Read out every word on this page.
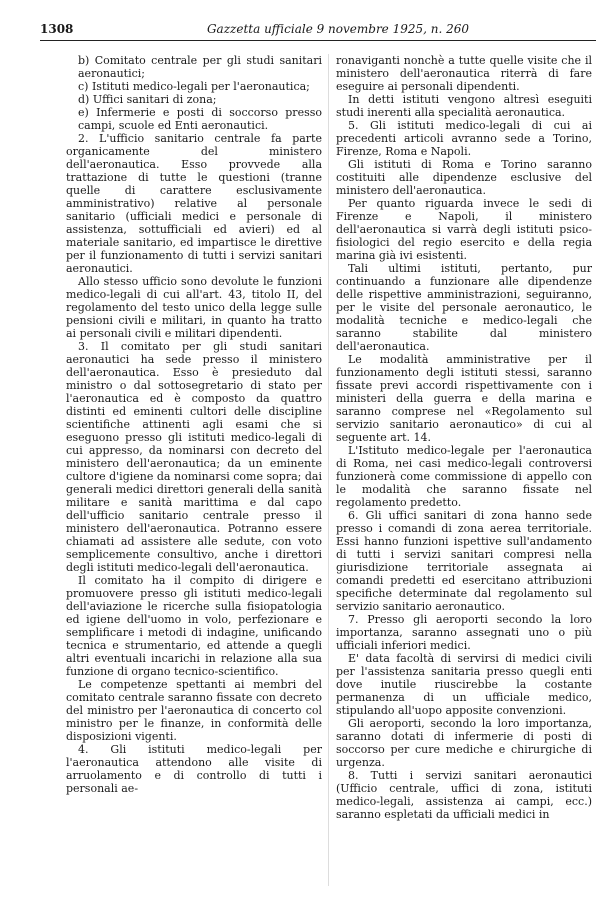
1308	Gazzetta ufficiale 9 novembre 1925, n. 260

b) Comitato centrale per gli studi sanitari aeronautici;

c) Istituti medico-legali per l'aeronautica;

d) Uffici sanitari di zona;

e) Infermerie e posti di soccorso presso campi, scuole ed Enti aeronautici.

2. L'ufficio sanitario centrale fa parte organicamente del ministero dell'aeronautica. Esso provvede alla trattazione di tutte le questioni (tranne quelle di carattere esclusivamente amministrativo) relative al personale sanitario (ufficiali medici e personale di assistenza, sottufficiali ed avieri) ed al materiale sanitario, ed impartisce le direttive per il funzionamento di tutti i servizi sanitari aeronautici.

Allo stesso ufficio sono devolute le funzioni medico-legali di cui all'art. 43, titolo II, del regolamento del testo unico della legge sulle pensioni civili e militari, in quanto ha tratto ai personali civili e militari dipendenti.

3. Il comitato per gli studi sanitari aeronautici ha sede presso il ministero dell'aeronautica. Esso è presieduto dal ministro o dal sottosegretario di stato per l'aeronautica ed è composto da quattro distinti ed eminenti cultori delle discipline scientifiche attinenti agli esami che si eseguono presso gli istituti medico-legali di cui appresso, da nominarsi con decreto del ministero dell'aeronautica; da un eminente cultore d'igiene da nominarsi come sopra; dai generali medici direttori generali della sanità militare e sanità marittima e dal capo dell'ufficio sanitario centrale presso il ministero dell'aeronautica. Potranno essere chiamati ad assistere alle sedute, con voto semplicemente consultivo, anche i direttori degli istituti medico-legali dell'aeronautica.

Il comitato ha il compito di dirigere e promuovere presso gli istituti medico-legali dell'aviazione le ricerche sulla fisiopatologia ed igiene dell'uomo in volo, perfezionare e semplificare i metodi di indagine, unificando tecnica e strumentario, ed attende a quegli altri eventuali incarichi in relazione alla sua funzione di organo tecnico-scientifico.

Le competenze spettanti ai membri del comitato centrale saranno fissate con decreto del ministro per l'aeronautica di concerto col ministro per le finanze, in conformità delle disposizioni vigenti.

4. Gli istituti medico-legali per l'aeronautica attendono alle visite di arruolamento e di controllo di tutti i personali ae-

ronaviganti nonchè a tutte quelle visite che il ministero dell'aeronautica riterrà di fare eseguire ai personali dipendenti.

In detti istituti vengono altresì eseguiti studi inerenti alla specialità aeronautica.

5. Gli istituti medico-legali di cui ai precedenti articoli avranno sede a Torino, Firenze, Roma e Napoli.

Gli istituti di Roma e Torino saranno costituiti alle dipendenze esclusive del ministero dell'aeronautica.

Per quanto riguarda invece le sedi di Firenze e Napoli, il ministero dell'aeronautica si varrà degli istituti psico-fisiologici del regio esercito e della regia marina già ivi esistenti.

Tali ultimi istituti, pertanto, pur continuando a funzionare alle dipendenze delle rispettive amministrazioni, seguiranno, per le visite del personale aeronautico, le modalità tecniche e medico-legali che saranno stabilite dal ministero dell'aeronautica.

Le modalità amministrative per il funzionamento degli istituti stessi, saranno fissate previ accordi rispettivamente con i ministeri della guerra e della marina e saranno comprese nel «Regolamento sul servizio sanitario aeronautico» di cui al seguente art. 14.

L'Istituto medico-legale per l'aeronautica di Roma, nei casi medico-legali controversi funzionerà come commissione di appello con le modalità che saranno fissate nel regolamento predetto.

6. Gli uffici sanitari di zona hanno sede presso i comandi di zona aerea territoriale. Essi hanno funzioni ispettive sull'andamento di tutti i servizi sanitari compresi nella giurisdizione territoriale assegnata ai comandi predetti ed esercitano attribuzioni specifiche determinate dal regolamento sul servizio sanitario aeronautico.

7. Presso gli aeroporti secondo la loro importanza, saranno assegnati uno o più ufficiali inferiori medici.

E' data facoltà di servirsi di medici civili per l'assistenza sanitaria presso quegli enti dove inutile riuscirebbe la costante permanenza di un ufficiale medico, stipulando all'uopo apposite convenzioni.

Gli aeroporti, secondo la loro importanza, saranno dotati di infermerie di posti di soccorso per cure mediche e chirurgiche di urgenza.

8. Tutti i servizi sanitari aeronautici (Ufficio centrale, uffici di zona, istituti medico-legali, assistenza ai campi, ecc.) saranno espletati da ufficiali medici in
